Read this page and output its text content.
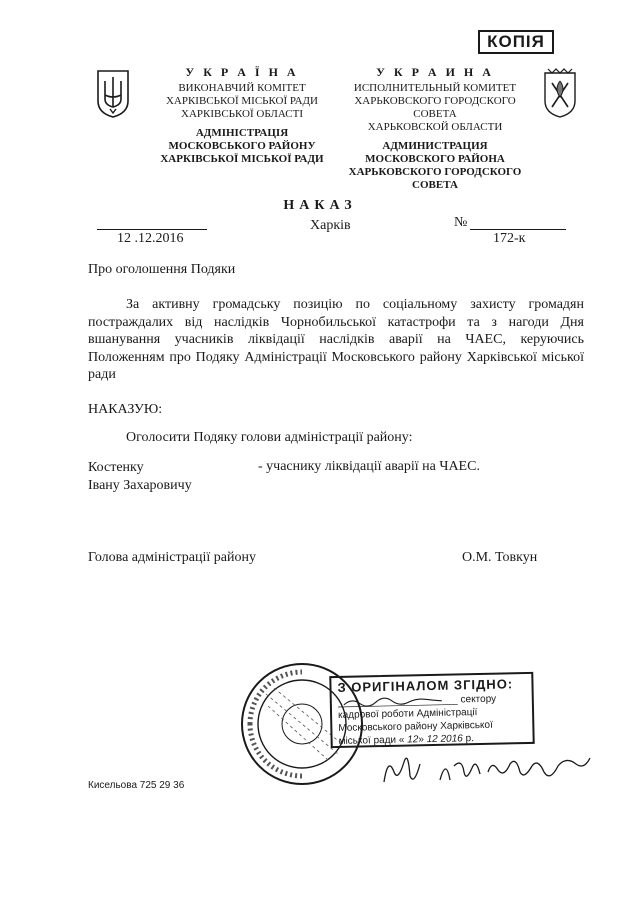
КОПІЯ
У К Р А Ї Н А
ВИКОНАВЧИЙ КОМІТЕТ
ХАРКІВСЬКОЇ МІСЬКОЇ РАДИ
ХАРКІВСЬКОЇ ОБЛАСТІ
АДМІНІСТРАЦІЯ
МОСКОВСЬКОГО РАЙОНУ
ХАРКІВСЬКОЇ МІСЬКОЇ РАДИ
У К Р А И Н А
ИСПОЛНИТЕЛЬНЫЙ КОМИТЕТ
ХАРЬКОВСКОГО ГОРОДСКОГО СОВЕТА
ХАРЬКОВСКОЙ ОБЛАСТИ
АДМИНИСТРАЦИЯ
МОСКОВСКОГО РАЙОНА
ХАРЬКОВСКОГО ГОРОДСКОГО СОВЕТА
НАКАЗ
Харків
12 .12.2016
№
172-к
Про оголошення Подяки
За активну громадську позицію по соціальному захисту громадян постраждалих від наслідків Чорнобильської катастрофи та з нагоди Дня вшанування учасників ліквідації наслідків аварії на ЧАЕС, керуючись Положенням про Подяку Адміністрації Московського району Харківської міської ради
НАКАЗУЮ:
Оголосити Подяку голови адміністрації району:
Костенку
Івану Захаровичу
- учаснику ліквідації аварії на ЧАЕС.
Голова адміністрації району	О.М. Товкун
З ОРИГІНАЛОМ ЗГІДНО:
сектору
кадрової роботи Адміністрації
Московського району Харківської
міської ради « 12» 12 2016 р.
Кисельова 725 29 36
